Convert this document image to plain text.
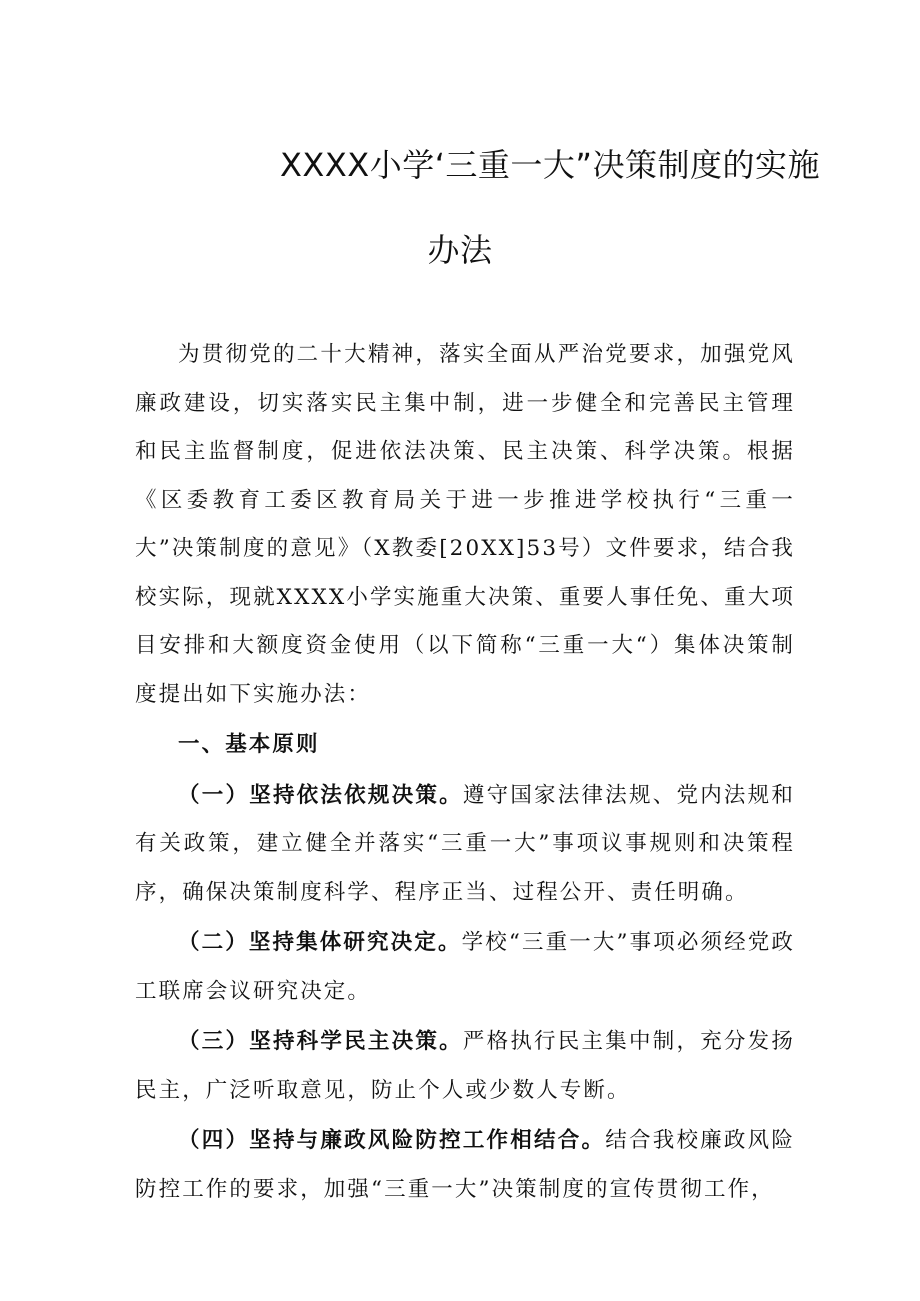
XXXX小学‘三重一大”决策制度的实施
办法

为贯彻党的二十大精神，落实全面从严治党要求，加强党风廉政建设，切实落实民主集中制，进一步健全和完善民主管理和民主监督制度，促进依法决策、民主决策、科学决策。根据《区委教育工委区教育局关于进一步推进学校执行“三重一大”决策制度的意见》（X教委[20XX]53号）文件要求，结合我校实际，现就XXXX小学实施重大决策、重要人事任免、重大项目安排和大额度资金使用（以下简称“三重一大“）集体决策制度提出如下实施办法：

一、基本原则

（一）坚持依法依规决策。遵守国家法律法规、党内法规和有关政策，建立健全并落实“三重一大”事项议事规则和决策程序，确保决策制度科学、程序正当、过程公开、责任明确。

（二）坚持集体研究决定。学校“三重一大”事项必须经党政工联席会议研究决定。

（三）坚持科学民主决策。严格执行民主集中制，充分发扬民主，广泛听取意见，防止个人或少数人专断。

（四）坚持与廉政风险防控工作相结合。结合我校廉政风险防控工作的要求，加强“三重一大”决策制度的宣传贯彻工作，
